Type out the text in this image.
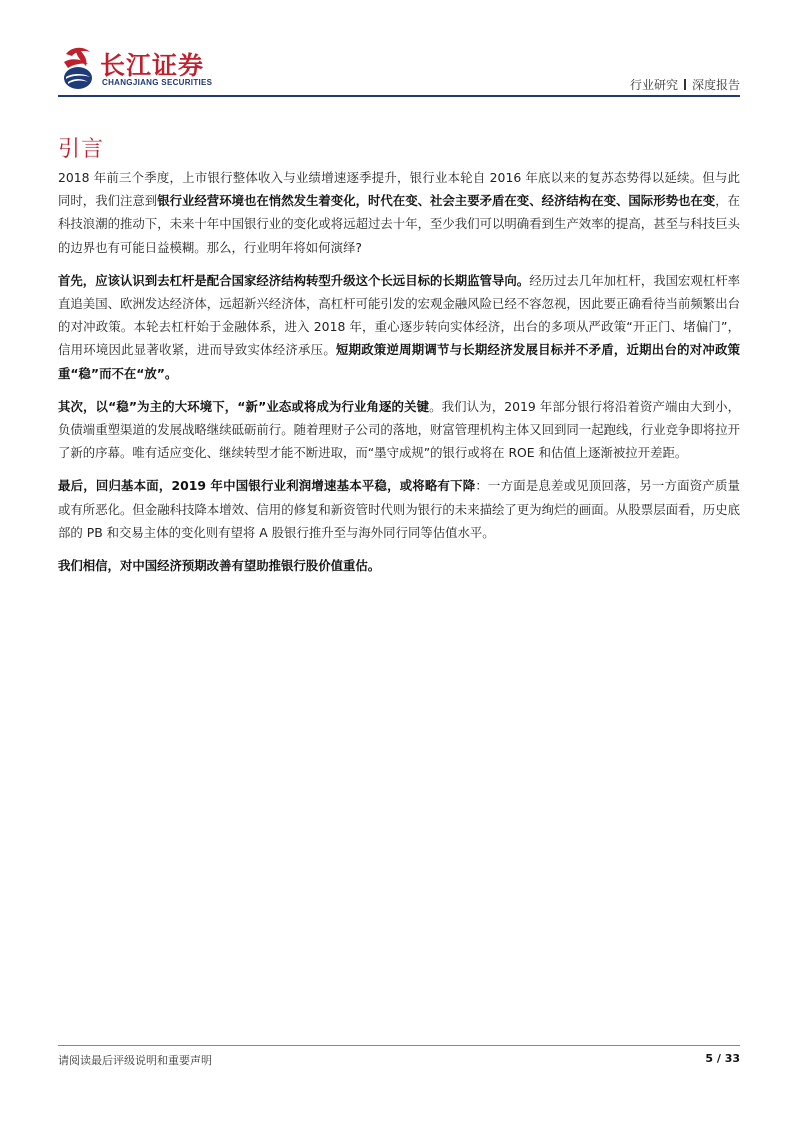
长江证券
CHANGJIANG SECURITIES	行业研究 深度报告
引言

2018 年前三个季度，上市银行整体收入与业绩增速逐季提升，银行业本轮自 2016 年底以来的复苏态势得以延续。但与此同时，我们注意到银行业经营环境也在悄然发生着变化，时代在变、社会主要矛盾在变、经济结构在变、国际形势也在变，在科技浪潮的推动下，未来十年中国银行业的变化或将远超过去十年，至少我们可以明确看到生产效率的提高，甚至与科技巨头的边界也有可能日益模糊。那么，行业明年将如何演绎?

首先，应该认识到去杠杆是配合国家经济结构转型升级这个长远目标的长期监管导向。经历过去几年加杠杆，我国宏观杠杆率直追美国、欧洲发达经济体，远超新兴经济体，高杠杆可能引发的宏观金融风险已经不容忽视，因此要正确看待当前频繁出台的对冲政策。本轮去杠杆始于金融体系，进入 2018 年，重心逐步转向实体经济，出台的多项从严政策“开正门、堵偏门”，信用环境因此显著收紧，进而导致实体经济承压。短期政策逆周期调节与长期经济发展目标并不矛盾，近期出台的对冲政策重“稳”而不在“放”。

其次，以“稳”为主的大环境下，“新”业态或将成为行业角逐的关键。我们认为，2019 年部分银行将沿着资产端由大到小，负债端重塑渠道的发展战略继续砥砺前行。随着理财子公司的落地，财富管理机构主体又回到同一起跑线，行业竞争即将拉开了新的序幕。唯有适应变化、继续转型才能不断进取，而“墨守成规”的银行或将在 ROE 和估值上逐渐被拉开差距。

最后，回归基本面，2019 年中国银行业利润增速基本平稳，或将略有下降：一方面是息差或见顶回落，另一方面资产质量或有所恶化。但金融科技降本增效、信用的修复和新资管时代则为银行的未来描绘了更为绚烂的画面。从股票层面看，历史底部的 PB 和交易主体的变化则有望将 A 股银行推升至与海外同行同等估值水平。

我们相信，对中国经济预期改善有望助推银行股价值重估。

请阅读最后评级说明和重要声明	5 / 33
